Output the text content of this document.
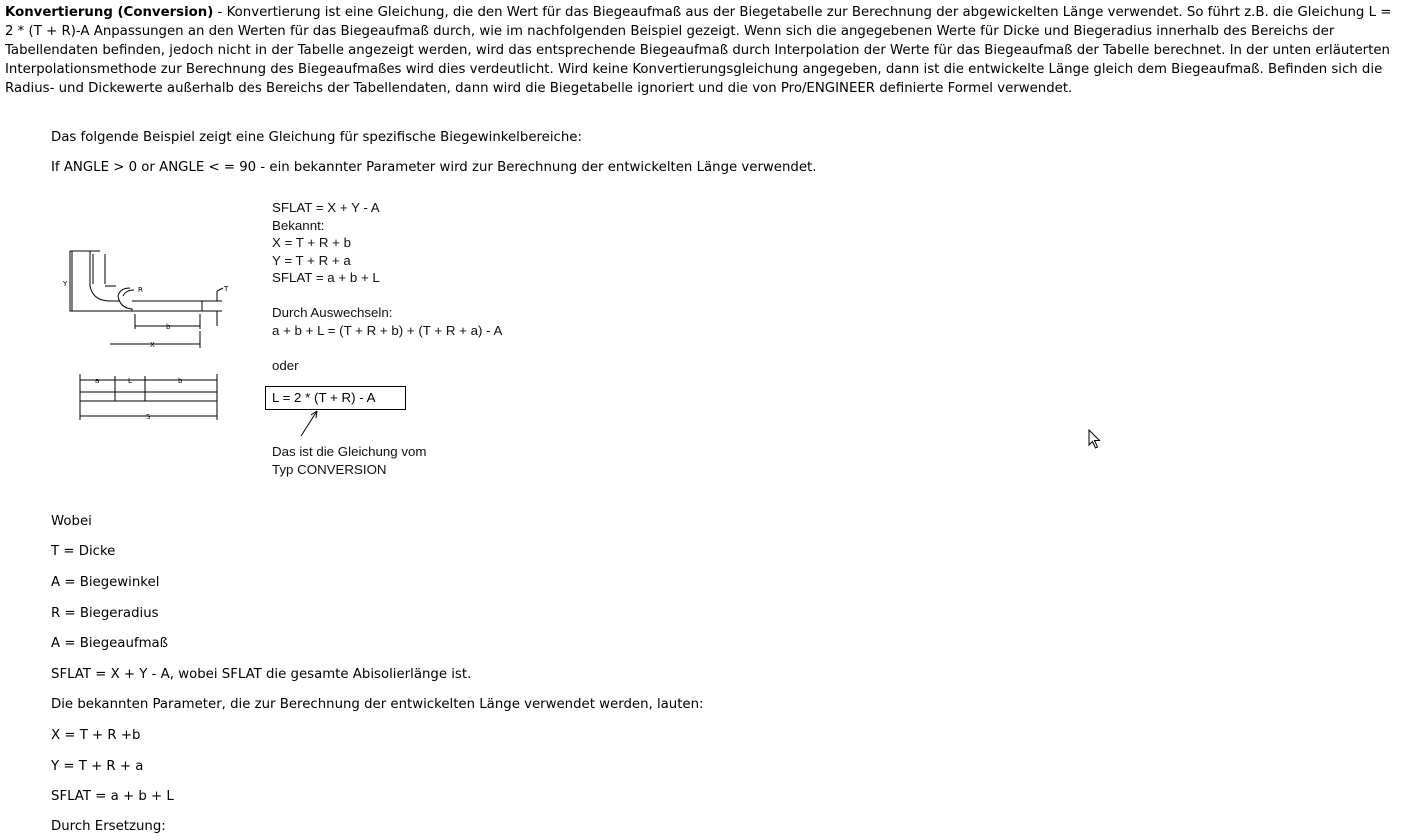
Konvertierung (Conversion) - Konvertierung ist eine Gleichung, die den Wert für das Biegeaufmaß aus der Biegetabelle zur Berechnung der abgewickelten Länge verwendet. So führt z.B. die Gleichung L = 2 * (T + R)-A Anpassungen an den Werten für das Biegeaufmaß durch, wie im nachfolgenden Beispiel gezeigt. Wenn sich die angegebenen Werte für Dicke und Biegeradius innerhalb des Bereichs der Tabellendaten befinden, jedoch nicht in der Tabelle angezeigt werden, wird das entsprechende Biegeaufmaß durch Interpolation der Werte für das Biegeaufmaß der Tabelle berechnet. In der unten erläuterten Interpolationsmethode zur Berechnung des Biegeaufmaßes wird dies verdeutlicht. Wird keine Konvertierungsgleichung angegeben, dann ist die entwickelte Länge gleich dem Biegeaufmaß. Befinden sich die Radius- und Dickewerte außerhalb des Bereichs der Tabellendaten, dann wird die Biegetabelle ignoriert und die von Pro/ENGINEER definierte Formel verwendet.

Das folgende Beispiel zeigt eine Gleichung für spezifische Biegewinkelbereiche:

If ANGLE > 0 or ANGLE < = 90 - ein bekannter Parameter wird zur Berechnung der entwickelten Länge verwendet.

Y
R	T
b
X
a	L	b
S
SFLAT = X + Y - A
Bekannt:
X = T + R + b
Y = T + R + a
SFLAT = a + b + L
Durch Auswechseln:
a + b + L = (T + R + b) + (T + R + a) - A
oder
L = 2 * (T + R) - A
Das ist die Gleichung vom
Typ CONVERSION

Wobei

T = Dicke

A = Biegewinkel

R = Biegeradius

A = Biegeaufmaß

SFLAT = X + Y - A, wobei SFLAT die gesamte Abisolierlänge ist.

Die bekannten Parameter, die zur Berechnung der entwickelten Länge verwendet werden, lauten:

X = T + R +b

Y = T + R + a

SFLAT = a + b + L

Durch Ersetzung:
